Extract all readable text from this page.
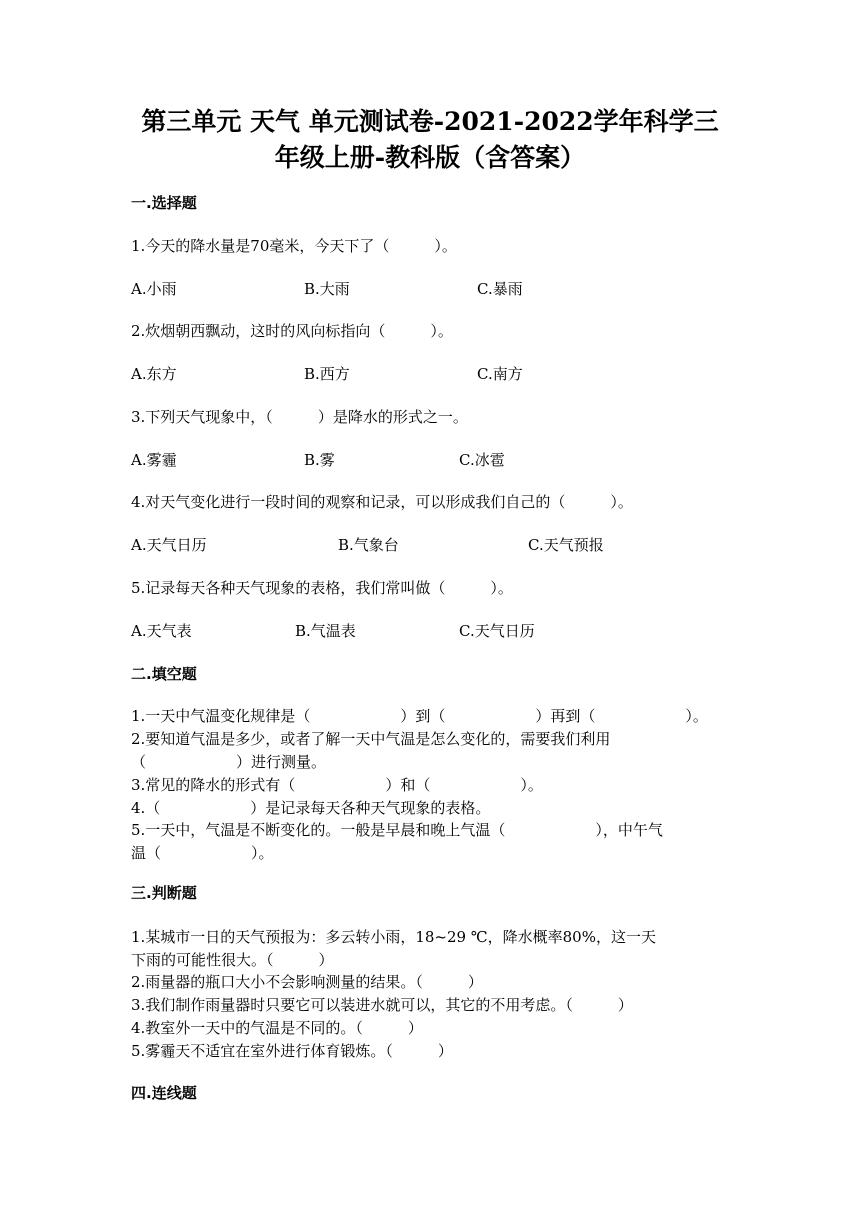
第三单元 天气 单元测试卷-2021-2022学年科学三
年级上册-教科版（含答案）
一.选择题
1.今天的降水量是70毫米，今天下了（　　　）。
A.小雨	B.大雨	C.暴雨
2.炊烟朝西飘动，这时的风向标指向（　　　）。
A.东方	B.西方	C.南方
3.下列天气现象中，（　　　）是降水的形式之一。
A.雾霾	B.雾	C.冰雹
4.对天气变化进行一段时间的观察和记录，可以形成我们自己的（　　　）。
A.天气日历	B.气象台	C.天气预报
5.记录每天各种天气现象的表格，我们常叫做（　　　）。
A.天气表	B.气温表	C.天气日历
二.填空题
1.一天中气温变化规律是（　　　　　　）到（　　　　　　）再到（　　　　　　）。
2.要知道气温是多少，或者了解一天中气温是怎么变化的，需要我们利用
（　　　　　　）进行测量。
3.常见的降水的形式有（　　　　　　）和（　　　　　　）。
4.（　　　　　　）是记录每天各种天气现象的表格。
5.一天中，气温是不断变化的。一般是早晨和晚上气温（　　　　　　），中午气
温（　　　　　　）。
三.判断题
1.某城市一日的天气预报为：多云转小雨，18~29 ℃，降水概率80%，这一天
下雨的可能性很大。（　　　）
2.雨量器的瓶口大小不会影响测量的结果。（　　　）
3.我们制作雨量器时只要它可以装进水就可以，其它的不用考虑。（　　　）
4.教室外一天中的气温是不同的。（　　　）
5.雾霾天不适宜在室外进行体育锻炼。（　　　）
四.连线题
